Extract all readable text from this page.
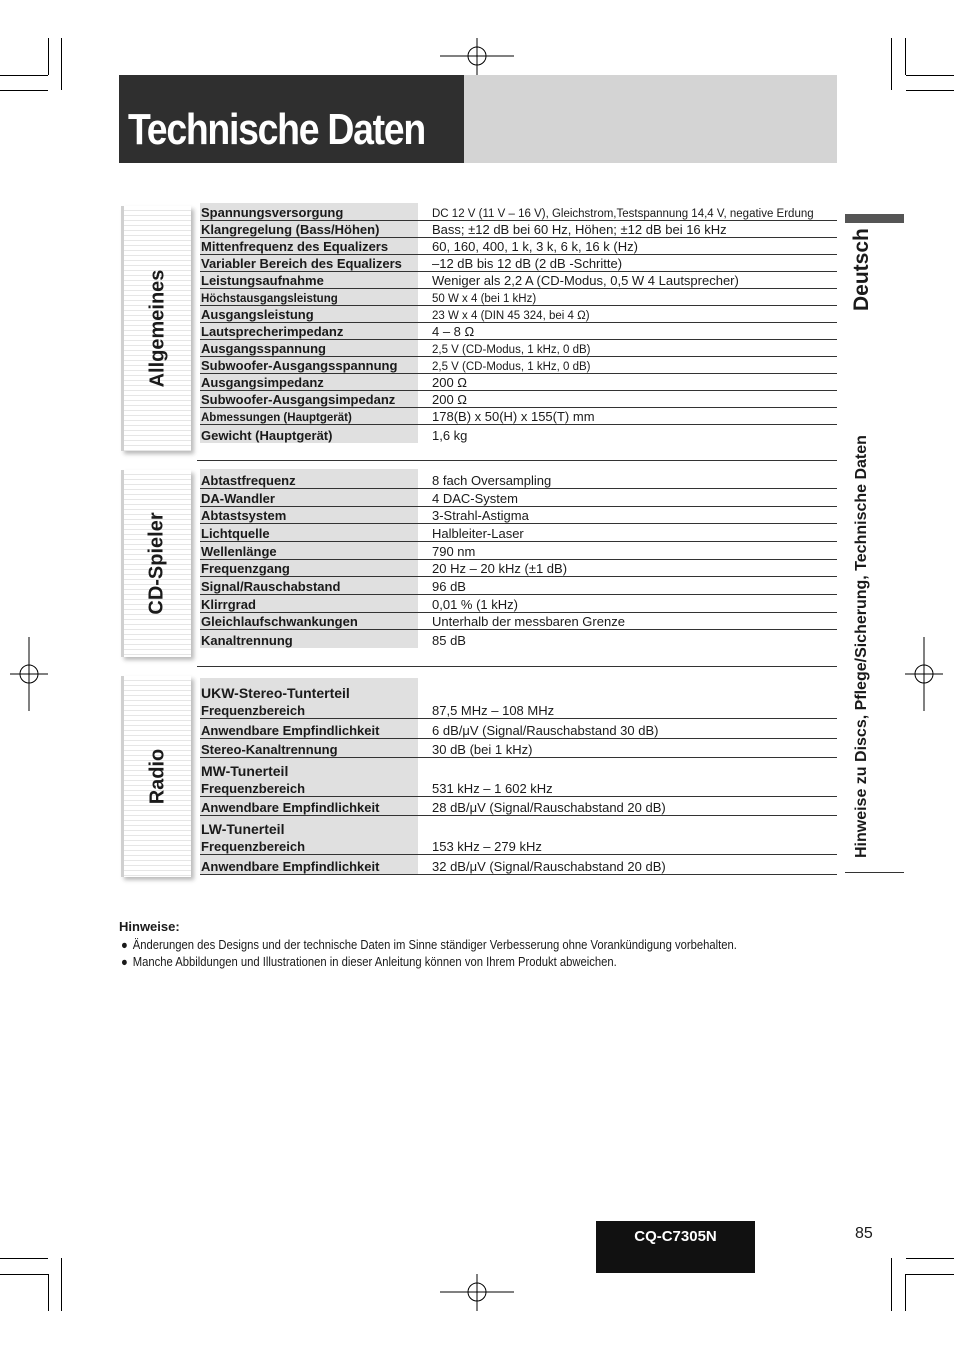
Technische Daten
Allgemeines
CD-Spieler
Radio
Spannungsversorgung	DC 12 V (11 V – 16 V), Gleichstrom,Testspannung 14,4 V, negative Erdung
Klangregelung (Bass/Höhen)	Bass; ±12 dB bei 60 Hz, Höhen; ±12 dB bei 16 kHz
Mittenfrequenz des Equalizers	60, 160, 400, 1 k, 3 k, 6 k, 16 k (Hz)
Variabler Bereich des Equalizers	–12 dB bis 12 dB (2 dB -Schritte)
Leistungsaufnahme	Weniger als 2,2 A (CD-Modus, 0,5 W 4 Lautsprecher)
Höchstausgangsleistung	50 W x 4 (bei 1 kHz)
Ausgangsleistung	23 W x 4 (DIN 45 324, bei 4 Ω)
Lautsprecherimpedanz	4 – 8 Ω
Ausgangsspannung	2,5 V (CD-Modus, 1 kHz, 0 dB)
Subwoofer-Ausgangsspannung	2,5 V (CD-Modus, 1 kHz, 0 dB)
Ausgangsimpedanz	200 Ω
Subwoofer-Ausgangsimpedanz	200 Ω
Abmessungen (Hauptgerät)	178(B) x 50(H) x 155(T) mm
Gewicht (Hauptgerät)	1,6 kg
Abtastfrequenz	8 fach Oversampling
DA-Wandler	4 DAC-System
Abtastsystem	3-Strahl-Astigma
Lichtquelle	Halbleiter-Laser
Wellenlänge	790 nm
Frequenzgang	20 Hz – 20 kHz (±1 dB)
Signal/Rauschabstand	96 dB
Klirrgrad	0,01 % (1 kHz)
Gleichlaufschwankungen	Unterhalb der messbaren Grenze
Kanaltrennung	85 dB
UKW-Stereo-Tunterteil
Frequenzbereich	87,5 MHz – 108 MHz
Anwendbare Empfindlichkeit	6 dB/μV (Signal/Rauschabstand 30 dB)
Stereo-Kanaltrennung	30 dB (bei 1 kHz)
MW-Tunerteil
Frequenzbereich	531 kHz – 1 602 kHz
Anwendbare Empfindlichkeit	28 dB/μV (Signal/Rauschabstand 20 dB)
LW-Tunerteil
Frequenzbereich	153 kHz – 279 kHz
Anwendbare Empfindlichkeit	32 dB/μV (Signal/Rauschabstand 20 dB)
Deutsch
Hinweise zu Discs, Pflege/Sicherung, Technische Daten
Hinweise:
● Änderungen des Designs und der technische Daten im Sinne ständiger Verbesserung ohne Vorankündigung vorbehalten.
● Manche Abbildungen und Illustrationen in dieser Anleitung können von Ihrem Produkt abweichen.
CQ-C7305N	85
